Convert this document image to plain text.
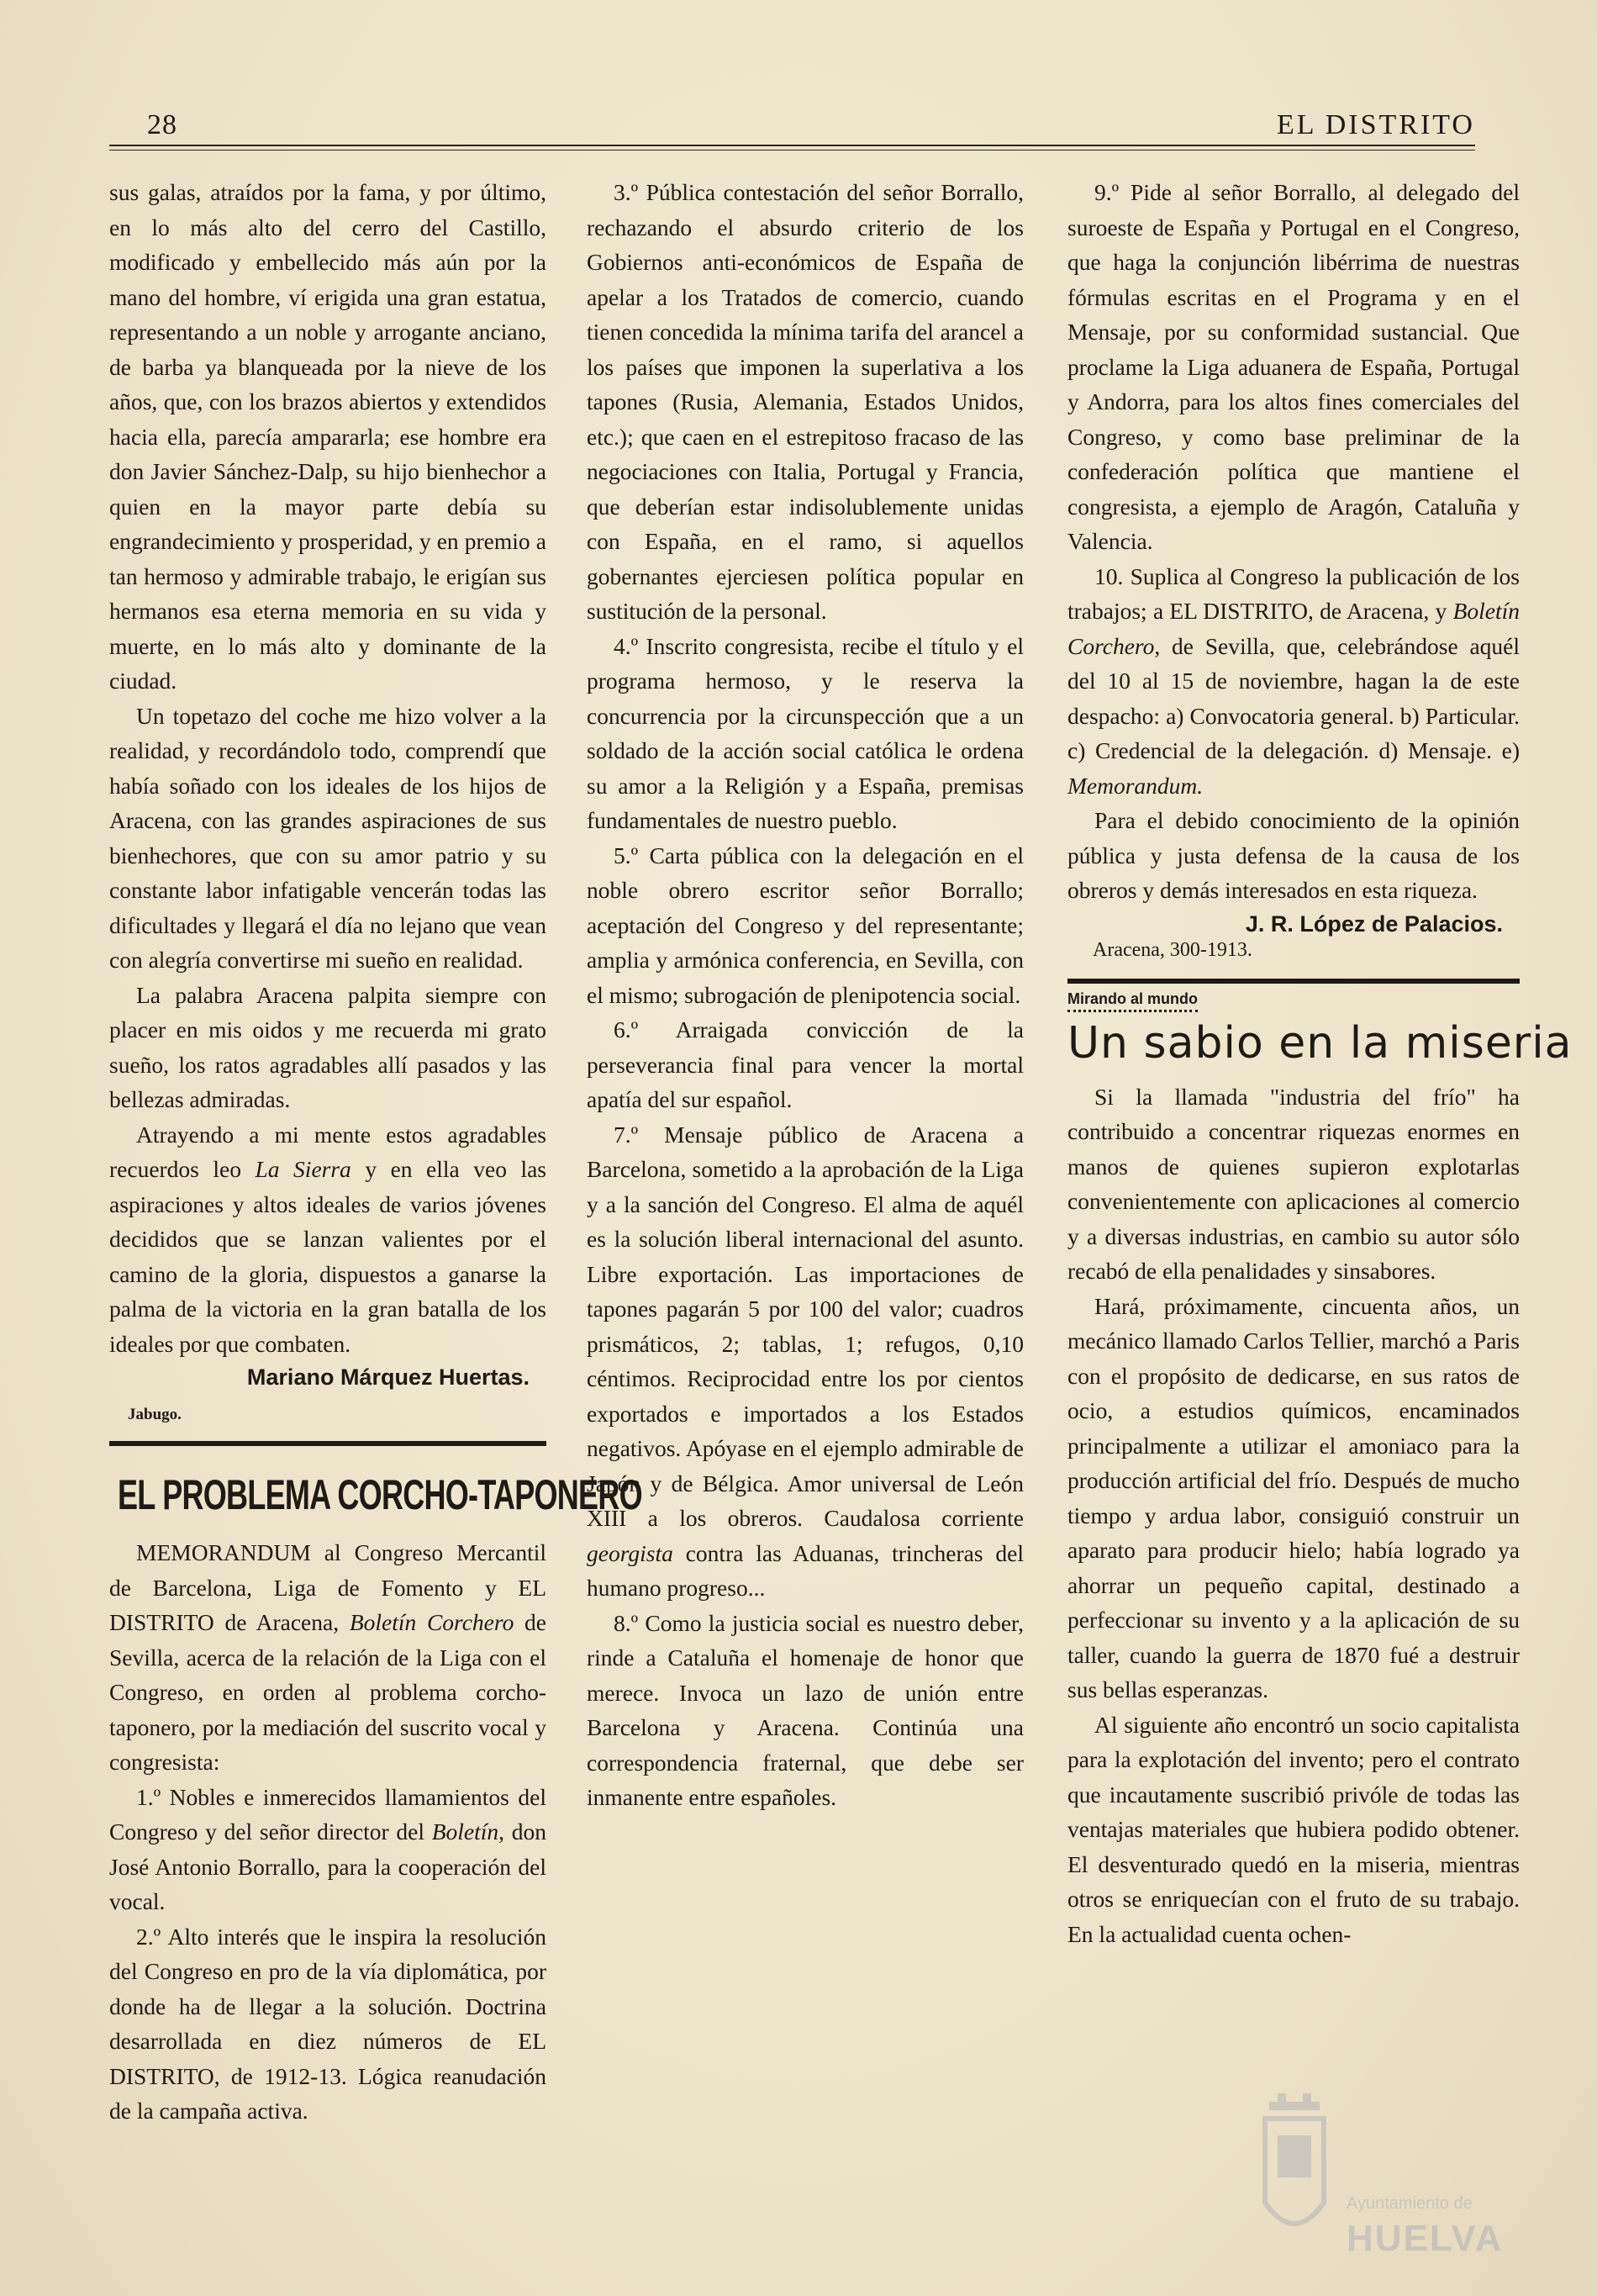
28	EL DISTRITO

sus galas, atraídos por la fama, y por último, en lo más alto del cerro del Castillo, modificado y embellecido más aún por la mano del hombre, ví erigida una gran estatua, representando a un noble y arrogante anciano, de barba ya blanqueada por la nieve de los años, que, con los brazos abiertos y extendidos hacia ella, parecía ampararla; ese hombre era don Javier Sánchez-Dalp, su hijo bienhechor a quien en la mayor parte debía su engrandecimiento y prosperidad, y en premio a tan hermoso y admirable trabajo, le erigían sus hermanos esa eterna memoria en su vida y muerte, en lo más alto y dominante de la ciudad.

Un topetazo del coche me hizo volver a la realidad, y recordándolo todo, comprendí que había soñado con los ideales de los hijos de Aracena, con las grandes aspiraciones de sus bienhechores, que con su amor patrio y su constante labor infatigable vencerán todas las dificultades y llegará el día no lejano que vean con alegría convertirse mi sueño en realidad.

La palabra Aracena palpita siempre con placer en mis oidos y me recuerda mi grato sueño, los ratos agradables allí pasados y las bellezas admiradas.

Atrayendo a mi mente estos agradables recuerdos leo La Sierra y en ella veo las aspiraciones y altos ideales de varios jóvenes decididos que se lanzan valientes por el camino de la gloria, dispuestos a ganarse la palma de la victoria en la gran batalla de los ideales por que combaten.

Mariano Márquez Huertas.
Jabugo.
EL PROBLEMA CORCHO-TAPONERO

MEMORANDUM al Congreso Mercantil de Barcelona, Liga de Fomento y EL DISTRITO de Aracena, Boletín Corchero de Sevilla, acerca de la relación de la Liga con el Congreso, en orden al problema corcho-taponero, por la mediación del suscrito vocal y congresista:

1.º Nobles e inmerecidos llamamientos del Congreso y del señor director del Boletín, don José Antonio Borrallo, para la cooperación del vocal.

2.º Alto interés que le inspira la resolución del Congreso en pro de la vía diplomática, por donde ha de llegar a la solución. Doctrina desarrollada en diez números de EL DISTRITO, de 1912-13. Lógica reanudación de la campaña activa.

3.º Pública contestación del señor Borrallo, rechazando el absurdo criterio de los Gobiernos anti-económicos de España de apelar a los Tratados de comercio, cuando tienen concedida la mínima tarifa del arancel a los países que imponen la superlativa a los tapones (Rusia, Alemania, Estados Unidos, etc.); que caen en el estrepitoso fracaso de las negociaciones con Italia, Portugal y Francia, que deberían estar indisolublemente unidas con España, en el ramo, si aquellos gobernantes ejerciesen política popular en sustitución de la personal.

4.º Inscrito congresista, recibe el título y el programa hermoso, y le reserva la concurrencia por la circunspección que a un soldado de la acción social católica le ordena su amor a la Religión y a España, premisas fundamentales de nuestro pueblo.

5.º Carta pública con la delegación en el noble obrero escritor señor Borrallo; aceptación del Congreso y del representante; amplia y armónica conferencia, en Sevilla, con el mismo; subrogación de plenipotencia social.

6.º Arraigada convicción de la perseverancia final para vencer la mortal apatía del sur español.

7.º Mensaje público de Aracena a Barcelona, sometido a la aprobación de la Liga y a la sanción del Congreso. El alma de aquél es la solución liberal internacional del asunto. Libre exportación. Las importaciones de tapones pagarán 5 por 100 del valor; cuadros prismáticos, 2; tablas, 1; refugos, 0,10 céntimos. Reciprocidad entre los por cientos exportados e importados a los Estados negativos. Apóyase en el ejemplo admirable de Japón y de Bélgica. Amor universal de León XIII a los obreros. Caudalosa corriente georgista contra las Aduanas, trincheras del humano progreso...

8.º Como la justicia social es nuestro deber, rinde a Cataluña el homenaje de honor que merece. Invoca un lazo de unión entre Barcelona y Aracena. Continúa una correspondencia fraternal, que debe ser inmanente entre españoles.

9.º Pide al señor Borrallo, al delegado del suroeste de España y Portugal en el Congreso, que haga la conjunción libérrima de nuestras fórmulas escritas en el Programa y en el Mensaje, por su conformidad sustancial. Que proclame la Liga aduanera de España, Portugal y Andorra, para los altos fines comerciales del Congreso, y como base preliminar de la confederación política que mantiene el congresista, a ejemplo de Aragón, Cataluña y Valencia.

10. Suplica al Congreso la publicación de los trabajos; a EL DISTRITO, de Aracena, y Boletín Corchero, de Sevilla, que, celebrándose aquél del 10 al 15 de noviembre, hagan la de este despacho: a) Convocatoria general. b) Particular. c) Credencial de la delegación. d) Mensaje. e) Memorandum.

Para el debido conocimiento de la opinión pública y justa defensa de la causa de los obreros y demás interesados en esta riqueza.

J. R. López de Palacios.
Aracena, 300-1913.
Mirando al mundo
Un sabio en la miseria

Si la llamada "industria del frío" ha contribuido a concentrar riquezas enormes en manos de quienes supieron explotarlas convenientemente con aplicaciones al comercio y a diversas industrias, en cambio su autor sólo recabó de ella penalidades y sinsabores.

Hará, próximamente, cincuenta años, un mecánico llamado Carlos Tellier, marchó a Paris con el propósito de dedicarse, en sus ratos de ocio, a estudios químicos, encaminados principalmente a utilizar el amoniaco para la producción artificial del frío. Después de mucho tiempo y ardua labor, consiguió construir un aparato para producir hielo; había logrado ya ahorrar un pequeño capital, destinado a perfeccionar su invento y a la aplicación de su taller, cuando la guerra de 1870 fué a destruir sus bellas esperanzas.

Al siguiente año encontró un socio capitalista para la explotación del invento; pero el contrato que incautamente suscribió privóle de todas las ventajas materiales que hubiera podido obtener. El desventurado quedó en la miseria, mientras otros se enriquecían con el fruto de su trabajo. En la actualidad cuenta ochen-

Ayuntamiento de
HUELVA
